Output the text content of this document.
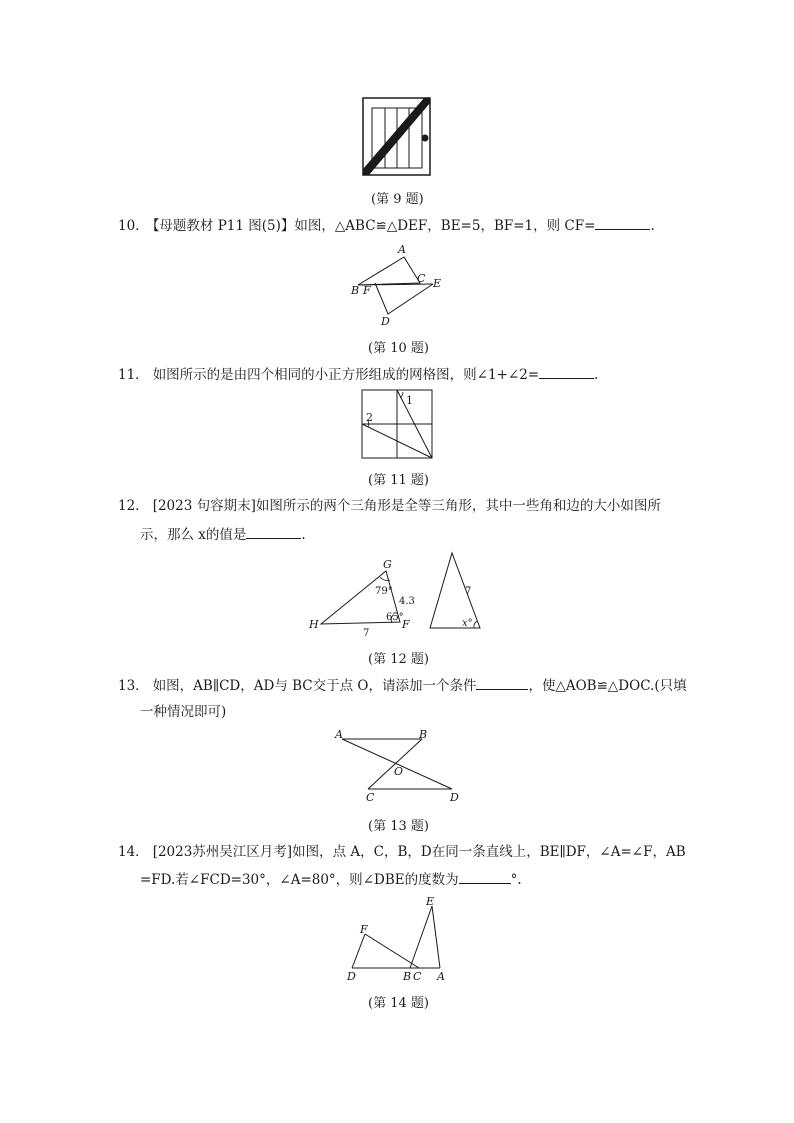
(第 9 题)
10． 【母题教材 P11 图(5)】如图，△ABC≌△DEF，BE=5，BF=1，则 CF=	.
A
B F
C E
D
(第 10 题)
11． 如图所示的是由四个相同的小正方形组成的网格图，则∠1+∠2=	.
1
2
(第 11 题)
12． [2023 句容期末]如图所示的两个三角形是全等三角形，其中一些角和边的大小如图所
示，那么 x的值是	.
G
H	F
79°
65°
4.3
7
7
x°
(第 12 题)
13． 如图，AB∥CD，AD与 BC交于点 O，请添加一个条件	，使△AOB≌△DOC.(只填
一种情况即可)
A	B
O
C	D
(第 13 题)
14． [2023苏州吴江区月考]如图，点 A，C，B，D在同一条直线上，BE∥DF，∠A=∠F，AB
=FD.若∠FCD=30°，∠A=80°，则∠DBE的度数为	°.
E
F
D	B C A
(第 14 题)
